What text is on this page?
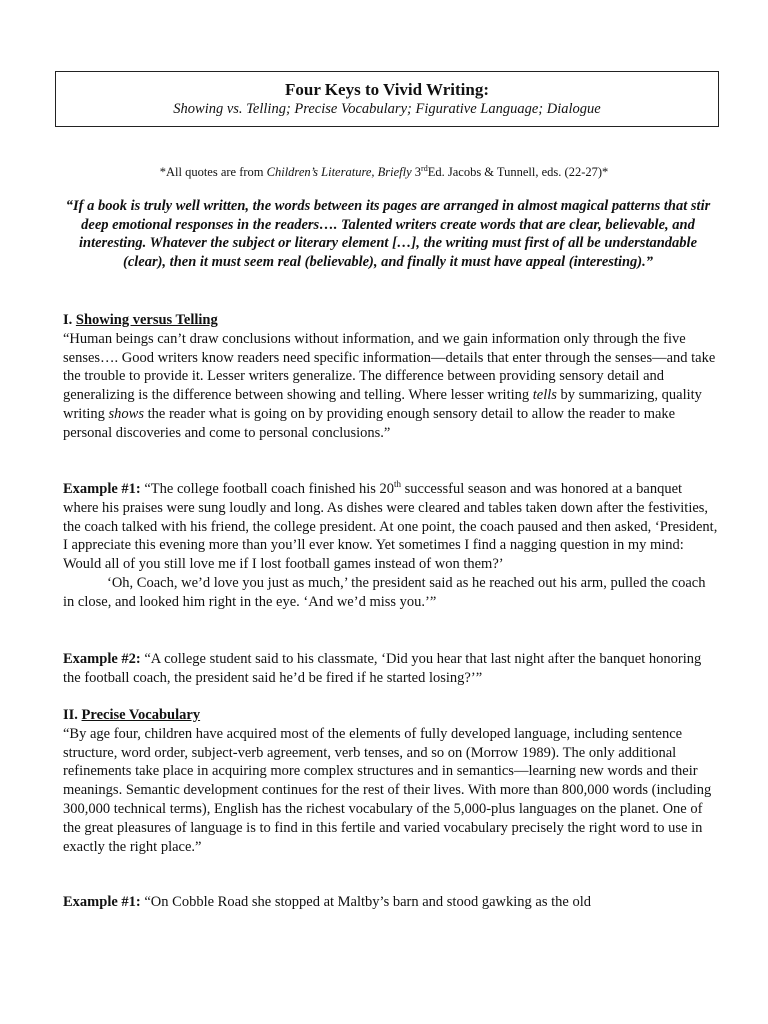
Four Keys to Vivid Writing:
Showing vs. Telling; Precise Vocabulary; Figurative Language; Dialogue
*All quotes are from Children’s Literature, Briefly 3rdEd. Jacobs & Tunnell, eds. (22-27)*
“If a book is truly well written, the words between its pages are arranged in almost magical patterns that stir deep emotional responses in the readers…. Talented writers create words that are clear, believable, and interesting. Whatever the subject or literary element […], the writing must first of all be understandable (clear), then it must seem real (believable), and finally it must have appeal (interesting).”

I. Showing versus Telling

“Human beings can’t draw conclusions without information, and we gain information only through the five senses…. Good writers know readers need specific information—details that enter through the senses—and take the trouble to provide it. Lesser writers generalize. The difference between providing sensory detail and generalizing is the difference between showing and telling. Where lesser writing tells by summarizing, quality writing shows the reader what is going on by providing enough sensory detail to allow the reader to make personal discoveries and come to personal conclusions.”

Example #1: “The college football coach finished his 20th successful season and was honored at a banquet where his praises were sung loudly and long. As dishes were cleared and tables taken down after the festivities, the coach talked with his friend, the college president. At one point, the coach paused and then asked, ‘President, I appreciate this evening more than you’ll ever know. Yet sometimes I find a nagging question in my mind: Would all of you still love me if I lost football games instead of won them?’

‘Oh, Coach, we’d love you just as much,’ the president said as he reached out his arm, pulled the coach in close, and looked him right in the eye. ‘And we’d miss you.’”

Example #2: “A college student said to his classmate, ‘Did you hear that last night after the banquet honoring the football coach, the president said he’d be fired if he started losing?’”

II. Precise Vocabulary

“By age four, children have acquired most of the elements of fully developed language, including sentence structure, word order, subject-verb agreement, verb tenses, and so on (Morrow 1989). The only additional refinements take place in acquiring more complex structures and in semantics—learning new words and their meanings. Semantic development continues for the rest of their lives. With more than 800,000 words (including 300,000 technical terms), English has the richest vocabulary of the 5,000-plus languages on the planet. One of the great pleasures of language is to find in this fertile and varied vocabulary precisely the right word to use in exactly the right place.”

Example #1: “On Cobble Road she stopped at Maltby’s barn and stood gawking as the old
